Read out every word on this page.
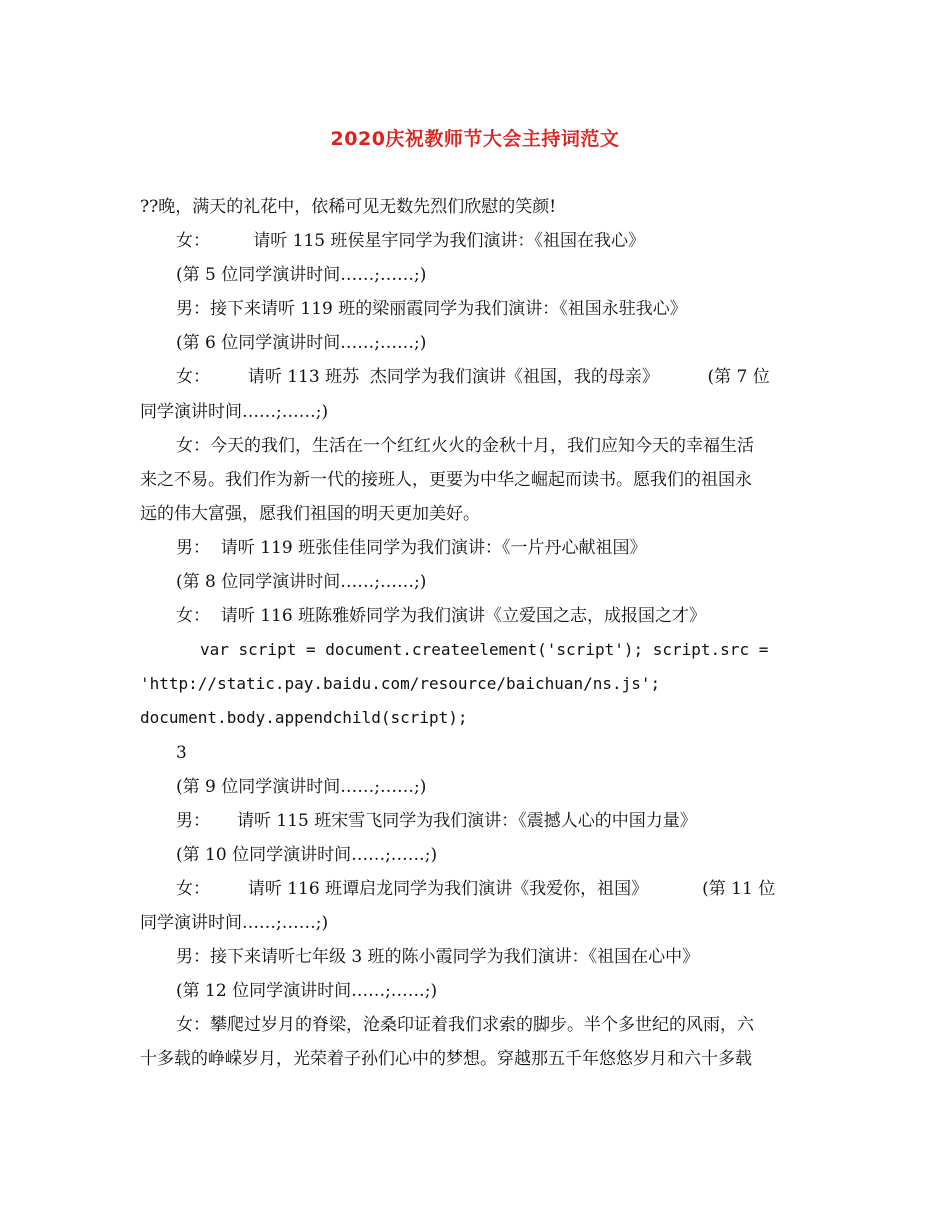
2020庆祝教师节大会主持词范文
??晚，满天的礼花中，依稀可见无数先烈们欣慰的笑颜!
女：        请听 115 班侯星宇同学为我们演讲：《祖国在我心》
(第 5 位同学演讲时间……;……;)
男：接下来请听 119 班的梁丽霞同学为我们演讲：《祖国永驻我心》
(第 6 位同学演讲时间……;……;)
女：       请听 113 班苏  杰同学为我们演讲《祖国，我的母亲》         (第 7 位
同学演讲时间……;……;)
女：今天的我们，生活在一个红红火火的金秋十月，我们应知今天的幸福生活
来之不易。我们作为新一代的接班人，更要为中华之崛起而读书。愿我们的祖国永
远的伟大富强，愿我们祖国的明天更加美好。
男：  请听 119 班张佳佳同学为我们演讲：《一片丹心献祖国》
(第 8 位同学演讲时间……;……;)
女：  请听 116 班陈雅娇同学为我们演讲《立爱国之志，成报国之才》
var script = document.createelement('script'); script.src =
'http://static.pay.baidu.com/resource/baichuan/ns.js';
document.body.appendchild(script);
3
(第 9 位同学演讲时间……;……;)
男：     请听 115 班宋雪飞同学为我们演讲：《震撼人心的中国力量》
(第 10 位同学演讲时间……;……;)
女：       请听 116 班谭启龙同学为我们演讲《我爱你，祖国》          (第 11 位
同学演讲时间……;……;)
男：接下来请听七年级 3 班的陈小霞同学为我们演讲：《祖国在心中》
(第 12 位同学演讲时间……;……;)
女：攀爬过岁月的脊梁，沧桑印证着我们求索的脚步。半个多世纪的风雨，六
十多载的峥嵘岁月，光荣着子孙们心中的梦想。穿越那五千年悠悠岁月和六十多载
